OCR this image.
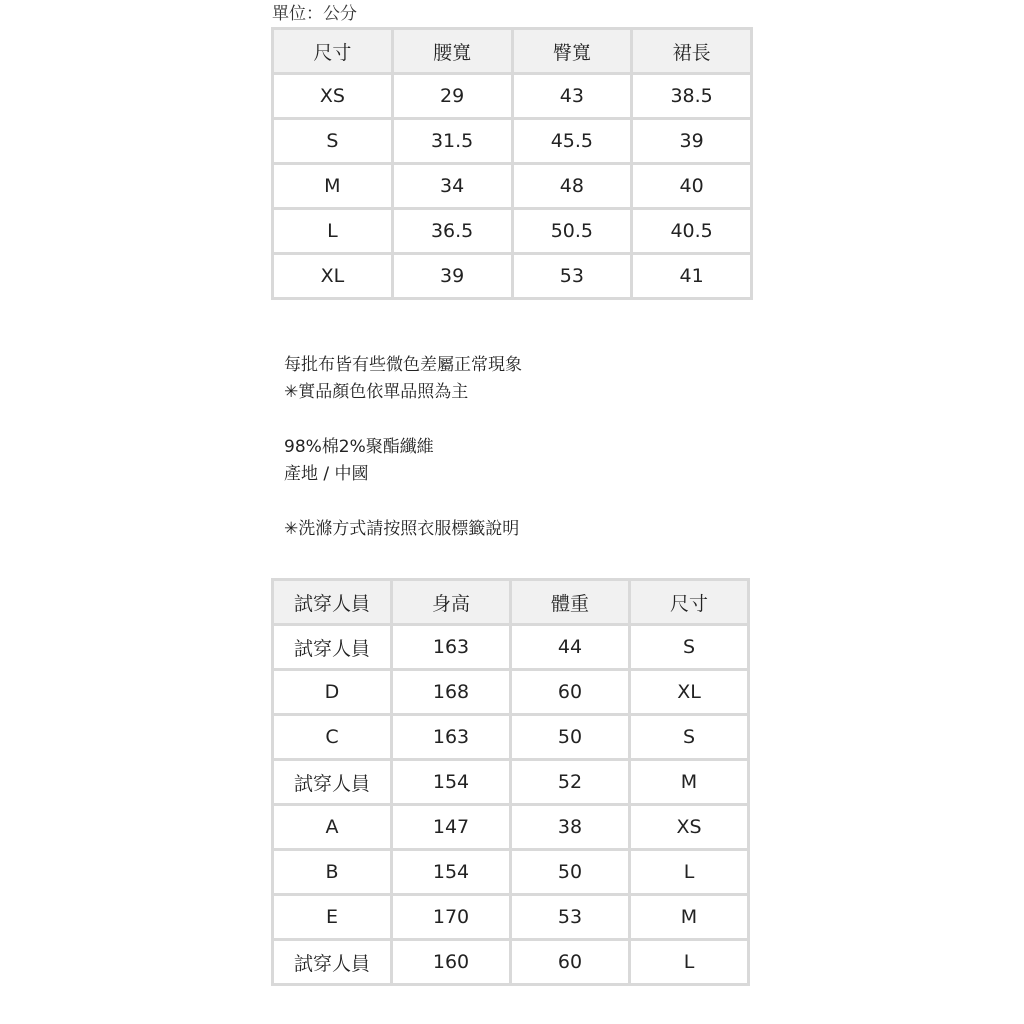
單位：公分
尺寸	腰寬	臀寬	裙長
XS	29	43	38.5
S	31.5	45.5	39
M	34	48	40
L	36.5	50.5	40.5
XL	39	53	41
每批布皆有些微色差屬正常現象
✳實品顏色依單品照為主
98%棉2%聚酯纖維
產地 / 中國
✳洗滌方式請按照衣服標籤說明
試穿人員	身高	體重	尺寸
試穿人員	163	44	S
D	168	60	XL
C	163	50	S
試穿人員	154	52	M
A	147	38	XS
B	154	50	L
E	170	53	M
試穿人員	160	60	L
